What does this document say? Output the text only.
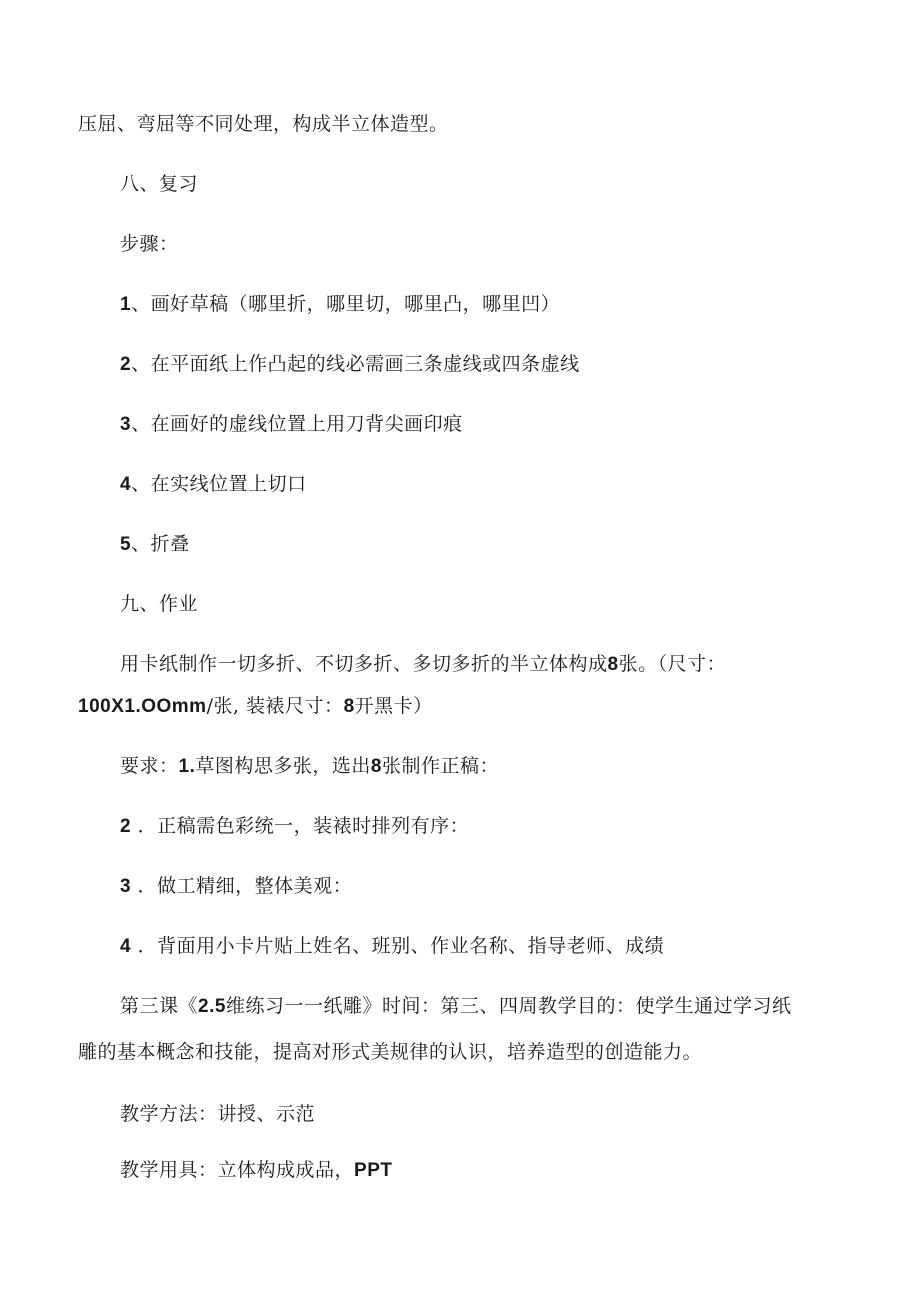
压屈、弯屈等不同处理，构成半立体造型。
八、复习
步骤：
1、画好草稿（哪里折，哪里切，哪里凸，哪里凹）
2、在平面纸上作凸起的线必需画三条虚线或四条虚线
3、在画好的虚线位置上用刀背尖画印痕
4、在实线位置上切口
5、折叠
九、作业
用卡纸制作一切多折、不切多折、多切多折的半立体构成8张。（尺寸：
100X1.OOmm/张, 装裱尺寸：8开黑卡）
要求：1.草图构思多张，选出8张制作正稿：
2 ．正稿需色彩统一，装裱时排列有序：
3 ．做工精细，整体美观：
4 ．背面用小卡片贴上姓名、班别、作业名称、指导老师、成绩
第三课《2.5维练习一一纸雕》时间：第三、四周教学目的：使学生通过学习纸
雕的基本概念和技能，提高对形式美规律的认识，培养造型的创造能力。
教学方法：讲授、示范
教学用具：立体构成成品，PPT
